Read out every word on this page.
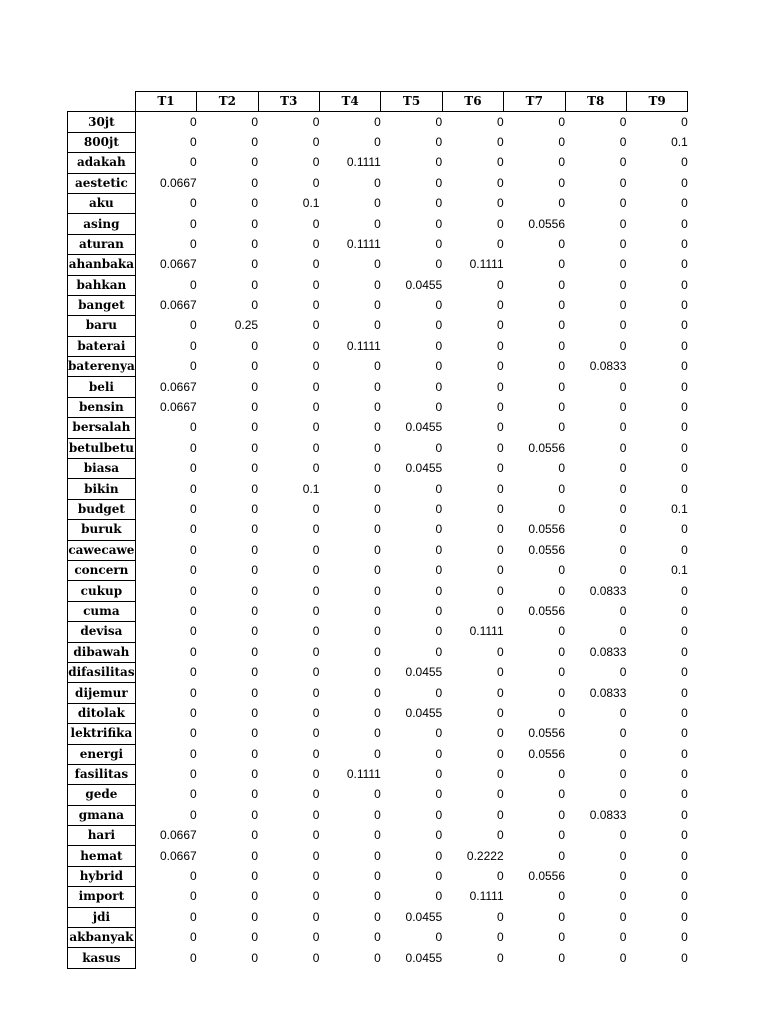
	T1	T2	T3	T4	T5	T6	T7	T8	T9
30jt	0	0	0	0	0	0	0	0	0
800jt	0	0	0	0	0	0	0	0	0.1
adakah	0	0	0	0.1111	0	0	0	0	0
aestetic	0.0667	0	0	0	0	0	0	0	0
aku	0	0	0.1	0	0	0	0	0	0
asing	0	0	0	0	0	0	0.0556	0	0
aturan	0	0	0	0.1111	0	0	0	0	0
ahanbaka	0.0667	0	0	0	0	0.1111	0	0	0
bahkan	0	0	0	0	0.0455	0	0	0	0
banget	0.0667	0	0	0	0	0	0	0	0
baru	0	0.25	0	0	0	0	0	0	0
baterai	0	0	0	0.1111	0	0	0	0	0
baterenya	0	0	0	0	0	0	0	0.0833	0
beli	0.0667	0	0	0	0	0	0	0	0
bensin	0.0667	0	0	0	0	0	0	0	0
bersalah	0	0	0	0	0.0455	0	0	0	0
betulbetu	0	0	0	0	0	0	0.0556	0	0
biasa	0	0	0	0	0.0455	0	0	0	0
bikin	0	0	0.1	0	0	0	0	0	0
budget	0	0	0	0	0	0	0	0	0.1
buruk	0	0	0	0	0	0	0.0556	0	0
cawecawe	0	0	0	0	0	0	0.0556	0	0
concern	0	0	0	0	0	0	0	0	0.1
cukup	0	0	0	0	0	0	0	0.0833	0
cuma	0	0	0	0	0	0	0.0556	0	0
devisa	0	0	0	0	0	0.1111	0	0	0
dibawah	0	0	0	0	0	0	0	0.0833	0
difasilitas	0	0	0	0	0.0455	0	0	0	0
dijemur	0	0	0	0	0	0	0	0.0833	0
ditolak	0	0	0	0	0.0455	0	0	0	0
lektrifika	0	0	0	0	0	0	0.0556	0	0
energi	0	0	0	0	0	0	0.0556	0	0
fasilitas	0	0	0	0.1111	0	0	0	0	0
gede	0	0	0	0	0	0	0	0	0
gmana	0	0	0	0	0	0	0	0.0833	0
hari	0.0667	0	0	0	0	0	0	0	0
hemat	0.0667	0	0	0	0	0.2222	0	0	0
hybrid	0	0	0	0	0	0	0.0556	0	0
import	0	0	0	0	0	0.1111	0	0	0
jdi	0	0	0	0	0.0455	0	0	0	0
akbanyak	0	0	0	0	0	0	0	0	0
kasus	0	0	0	0	0.0455	0	0	0	0
